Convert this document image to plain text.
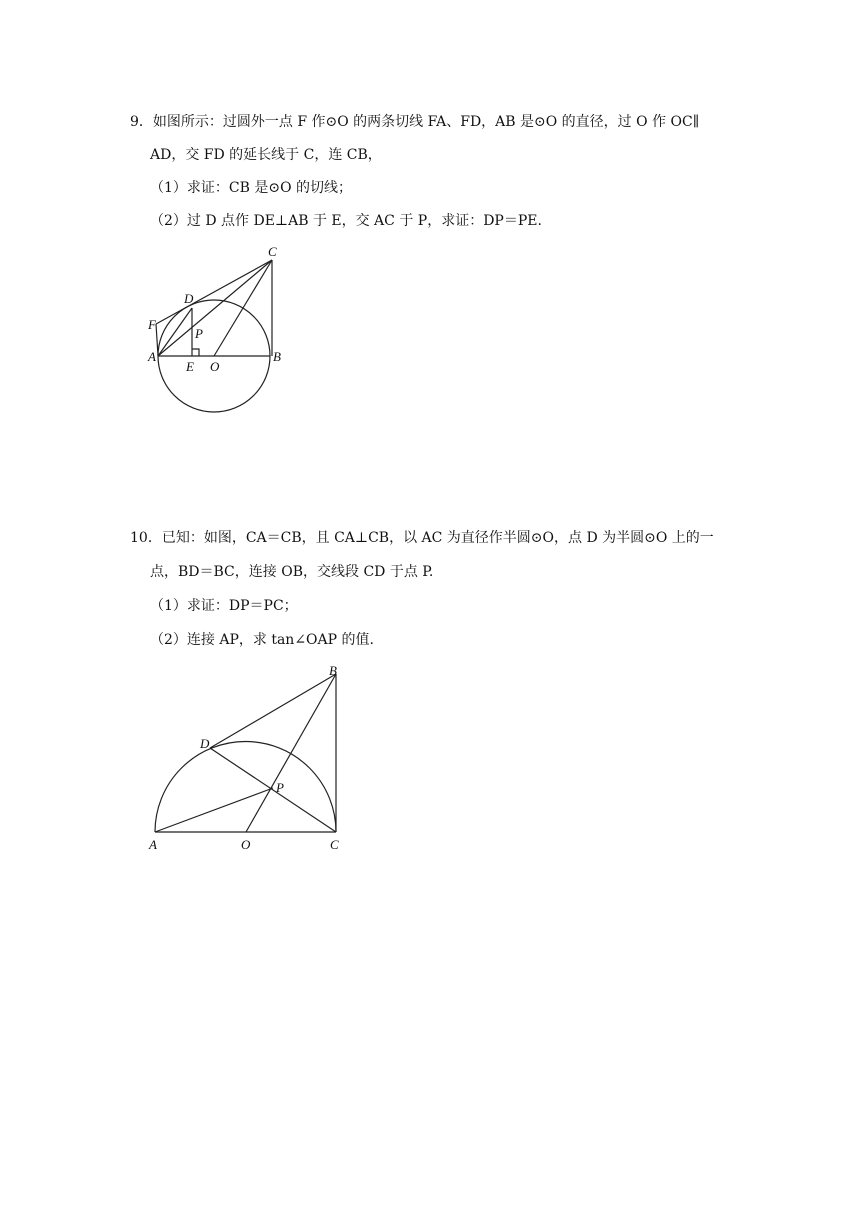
9．如图所示：过圆外一点 F 作⊙O 的两条切线 FA、FD，AB 是⊙O 的直径，过 O 作 OC∥
AD，交 FD 的延长线于 C，连 CB，
（1）求证：CB 是⊙O 的切线；
（2）过 D 点作 DE⊥AB 于 E，交 AC 于 P，求证：DP＝PE.
C
D
F
P
A
E O
B
10．已知：如图，CA＝CB，且 CA⊥CB，以 AC 为直径作半圆⊙O，点 D 为半圆⊙O 上的一
点，BD＝BC，连接 OB，交线段 CD 于点 P.
（1）求证：DP＝PC；
（2）连接 AP，求 tan∠OAP 的值.
B
D
P
A	O	C
